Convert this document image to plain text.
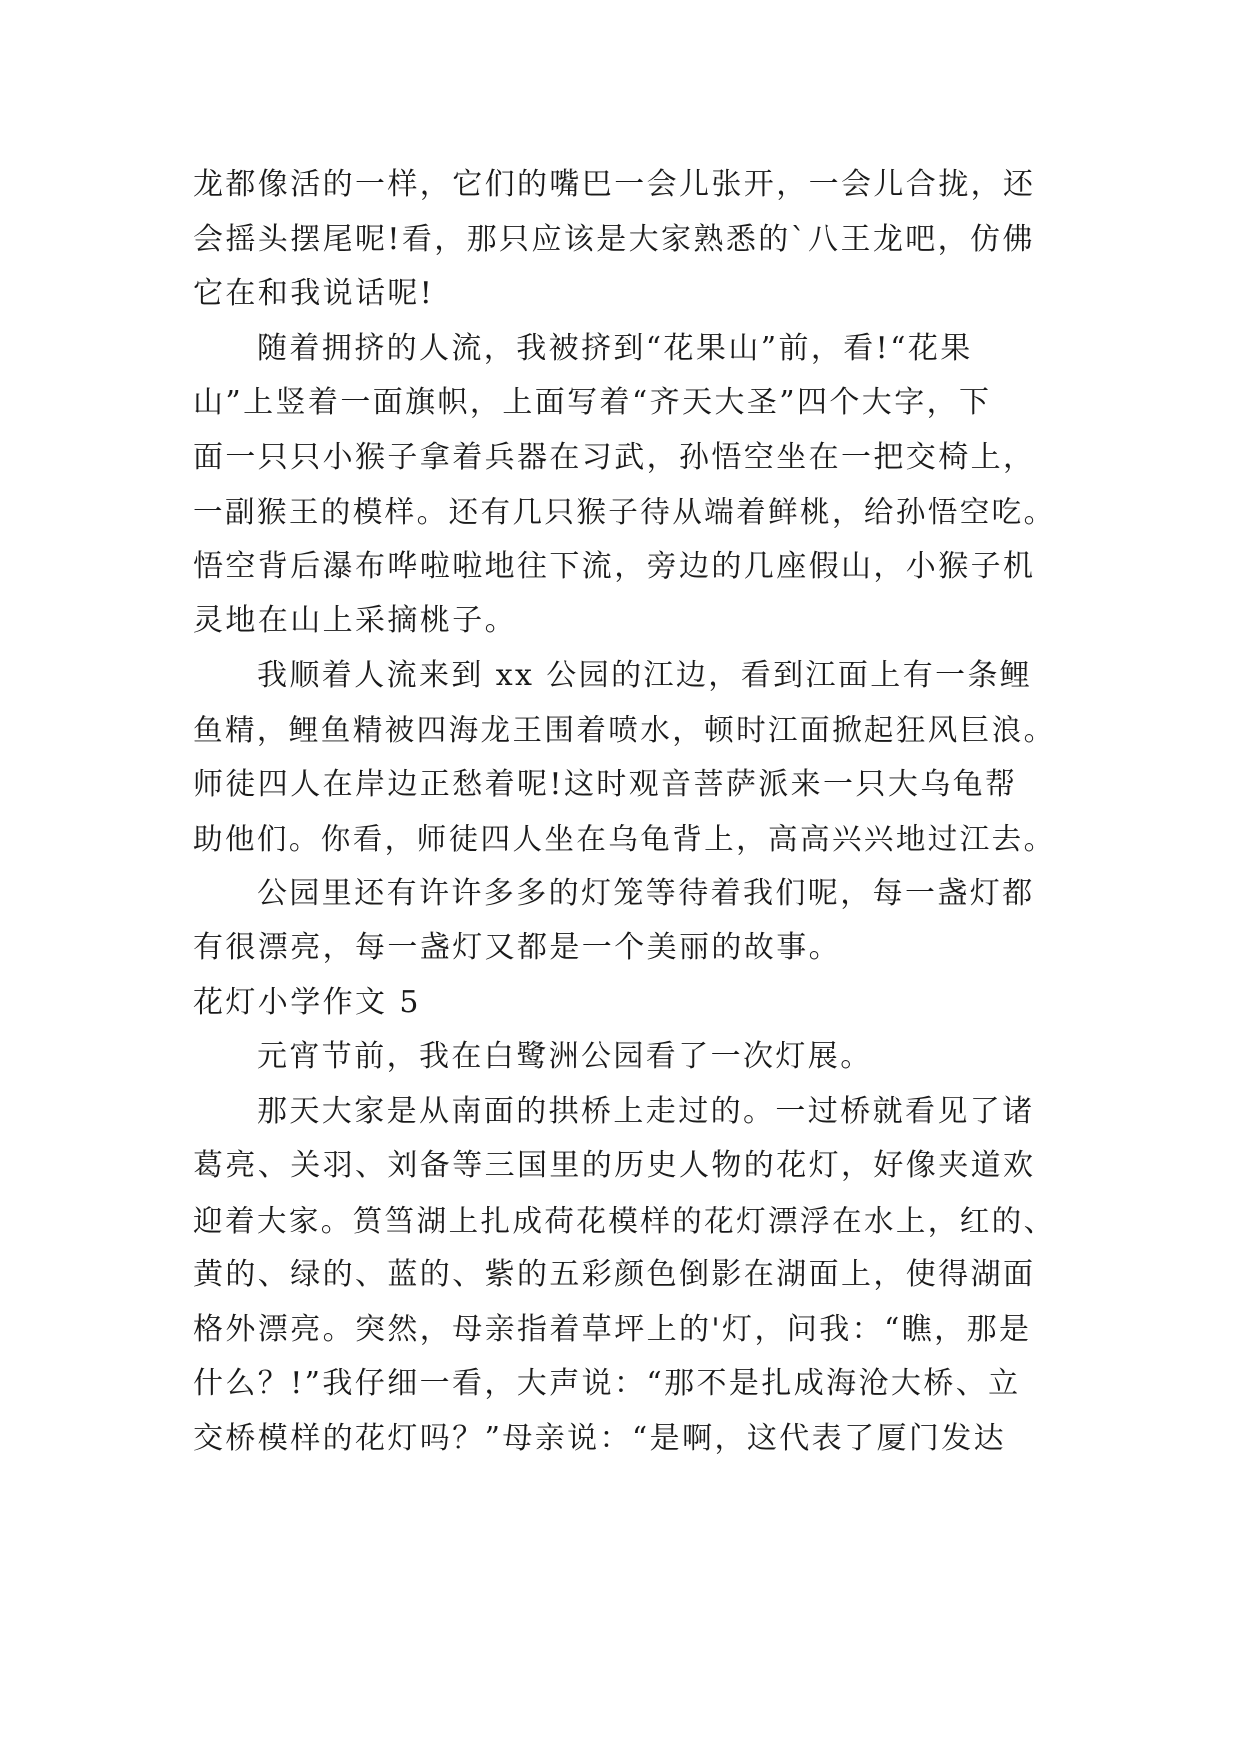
龙都像活的一样，它们的嘴巴一会儿张开，一会儿合拢，还
会摇头摆尾呢!看，那只应该是大家熟悉的`八王龙吧，仿佛
它在和我说话呢!
随着拥挤的人流，我被挤到“花果山”前，看!“花果
山”上竖着一面旗帜，上面写着“齐天大圣”四个大字，下
面一只只小猴子拿着兵器在习武，孙悟空坐在一把交椅上，
一副猴王的模样。还有几只猴子待从端着鲜桃，给孙悟空吃。
悟空背后瀑布哗啦啦地往下流，旁边的几座假山，小猴子机
灵地在山上采摘桃子。
我顺着人流来到 xx 公园的江边，看到江面上有一条鲤
鱼精，鲤鱼精被四海龙王围着喷水，顿时江面掀起狂风巨浪。
师徒四人在岸边正愁着呢!这时观音菩萨派来一只大乌龟帮
助他们。你看，师徒四人坐在乌龟背上，高高兴兴地过江去。
公园里还有许许多多的灯笼等待着我们呢，每一盏灯都
有很漂亮，每一盏灯又都是一个美丽的故事。
花灯小学作文 5
元宵节前，我在白鹭洲公园看了一次灯展。
那天大家是从南面的拱桥上走过的。一过桥就看见了诸
葛亮、关羽、刘备等三国里的历史人物的花灯，好像夹道欢
迎着大家。筼筜湖上扎成荷花模样的花灯漂浮在水上，红的、
黄的、绿的、蓝的、紫的五彩颜色倒影在湖面上，使得湖面
格外漂亮。突然，母亲指着草坪上的'灯，问我：“瞧，那是
什么？!”我仔细一看，大声说：“那不是扎成海沧大桥、立
交桥模样的花灯吗？”母亲说：“是啊，这代表了厦门发达
